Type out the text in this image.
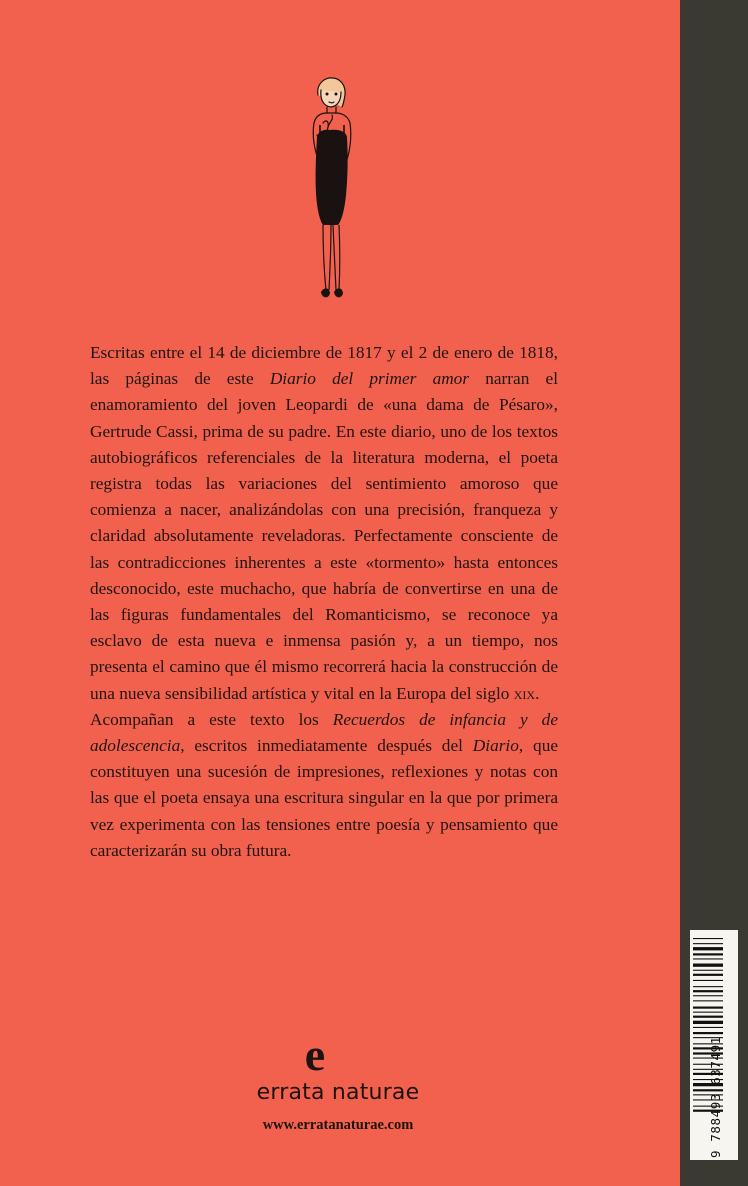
Escritas entre el 14 de diciembre de 1817 y el 2 de enero de 1818, las páginas de este Diario del primer amor narran el enamoramiento del joven Leopardi de «una dama de Pésaro», Gertrude Cassi, prima de su padre. En este diario, uno de los textos autobiográficos referenciales de la literatura moderna, el poeta registra todas las variaciones del sentimiento amoroso que comienza a nacer, analizándolas con una precisión, franqueza y claridad absolutamente reveladoras. Perfectamente consciente de las contradicciones inherentes a este «tormento» hasta entonces desconocido, este muchacho, que habría de convertirse en una de las figuras fundamentales del Romanticismo, se reconoce ya esclavo de esta nueva e inmensa pasión y, a un tiempo, nos presenta el camino que él mismo recorrerá hacia la construcción de una nueva sensibilidad artística y vital en la Europa del siglo xix.

Acompañan a este texto los Recuerdos de infancia y de adolescencia, escritos inmediatamente después del Diario, que constituyen una sucesión de impresiones, reflexiones y notas con las que el poeta ensaya una escritura singular en la que por primera vez experimenta con las tensiones entre poesía y pensamiento que caracterizarán su obra futura.

e
errata naturae
www.erratanaturae.com	9 788493 637491
